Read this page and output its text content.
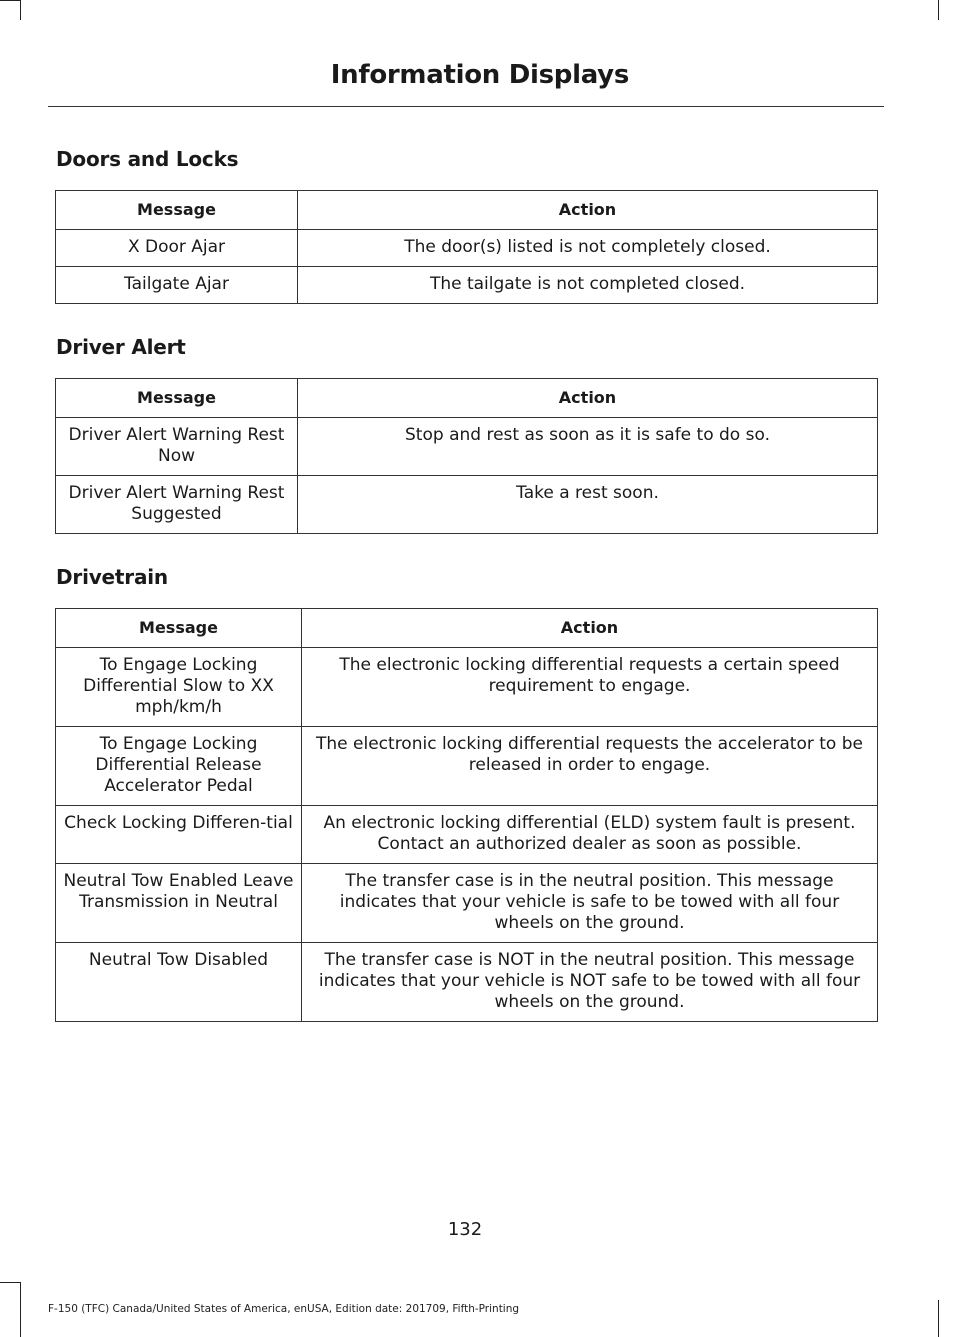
Information Displays
Doors and Locks
Message	Action
X Door Ajar	The door(s) listed is not completely closed.
Tailgate Ajar	The tailgate is not completed closed.
Driver Alert
Message	Action
Driver Alert Warning Rest Now	Stop and rest as soon as it is safe to do so.
Driver Alert Warning Rest Suggested	Take a rest soon.
Drivetrain
Message	Action
To Engage Locking Differential Slow to XX mph/km/h	The electronic locking differential requests a certain speed requirement to engage.
To Engage Locking Differential Release Accelerator Pedal	The electronic locking differential requests the accelerator to be released in order to engage.
Check Locking Differen-tial	An electronic locking differential (ELD) system fault is present. Contact an authorized dealer as soon as possible.
Neutral Tow Enabled Leave Transmission in Neutral	The transfer case is in the neutral position. This message indicates that your vehicle is safe to be towed with all four wheels on the ground.
Neutral Tow Disabled	The transfer case is NOT in the neutral position. This message indicates that your vehicle is NOT safe to be towed with all four wheels on the ground.
132
F-150 (TFC) Canada/United States of America, enUSA, Edition date: 201709, Fifth-Printing
